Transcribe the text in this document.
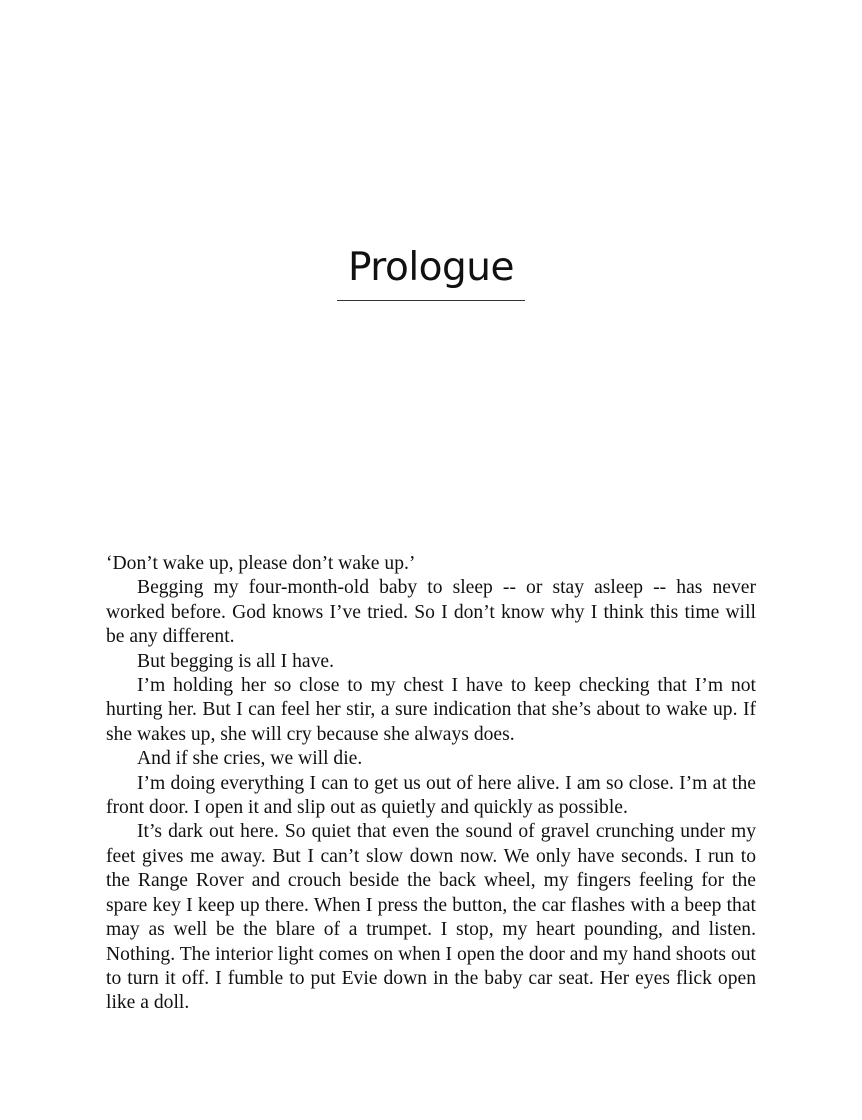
Prologue

‘Don’t wake up, please don’t wake up.’

Begging my four-month-old baby to sleep -- or stay asleep -- has never worked before. God knows I’ve tried. So I don’t know why I think this time will be any different.

But begging is all I have.

I’m holding her so close to my chest I have to keep checking that I’m not hurting her. But I can feel her stir, a sure indication that she’s about to wake up. If she wakes up, she will cry because she always does.

And if she cries, we will die.

I’m doing everything I can to get us out of here alive. I am so close. I’m at the front door. I open it and slip out as quietly and quickly as possible.

It’s dark out here. So quiet that even the sound of gravel crunching under my feet gives me away. But I can’t slow down now. We only have seconds. I run to the Range Rover and crouch beside the back wheel, my fingers feeling for the spare key I keep up there. When I press the button, the car flashes with a beep that may as well be the blare of a trumpet. I stop, my heart pounding, and listen. Nothing. The interior light comes on when I open the door and my hand shoots out to turn it off. I fumble to put Evie down in the baby car seat. Her eyes flick open like a doll.
